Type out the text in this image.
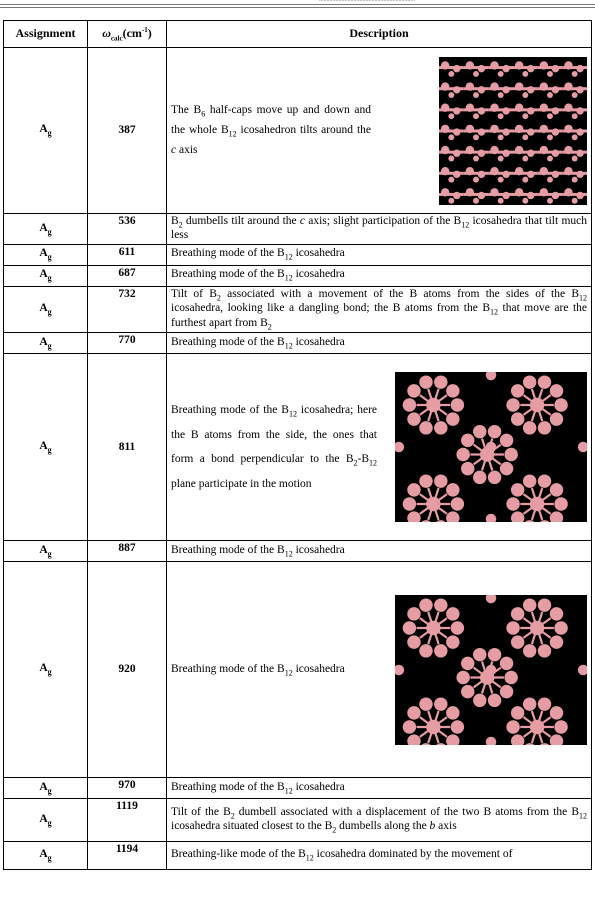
................................................................
Assignment	$\omega_{calc}(cm^{-1})$	Description
$A_g$	387	The $B_6$ half-caps move up and down and the whole $B_{12}$ icosahedron tilts around the c axis

$A_g$	536	$B_2$ dumbells tilt around the c axis; slight participation of the $B_{12}$ icosahedra that tilt much less
$A_g$	611	Breathing mode of the $B_{12}$ icosahedra
$A_g$	687	Breathing mode of the $B_{12}$ icosahedra
$A_g$	732	Tilt of $B_2$ associated with a movement of the B atoms from the sides of the $B_{12}$ icosahedra, looking like a dangling bond; the B atoms from the $B_{12}$ that move are the furthest apart from $B_2$
$A_g$	770	Breathing mode of the $B_{12}$ icosahedra
$A_g$	811	Breathing mode of the $B_{12}$ icosahedra; here the B atoms from the side, the ones that form a bond perpendicular to the $B_2-B_{12}$ plane participate in the motion

$A_g$	887	Breathing mode of the $B_{12}$ icosahedra
$A_g$	920	Breathing mode of the $B_{12}$ icosahedra

$A_g$	970	Breathing mode of the $B_{12}$ icosahedra
$A_g$	1119	Tilt of the $B_2$ dumbell associated with a displacement of the two B atoms from the $B_{12}$ icosahedra situated closest to the $B_2$ dumbells along the b axis
$A_g$	1194	Breathing-like mode of the $B_{12}$ icosahedra dominated by the movement of
